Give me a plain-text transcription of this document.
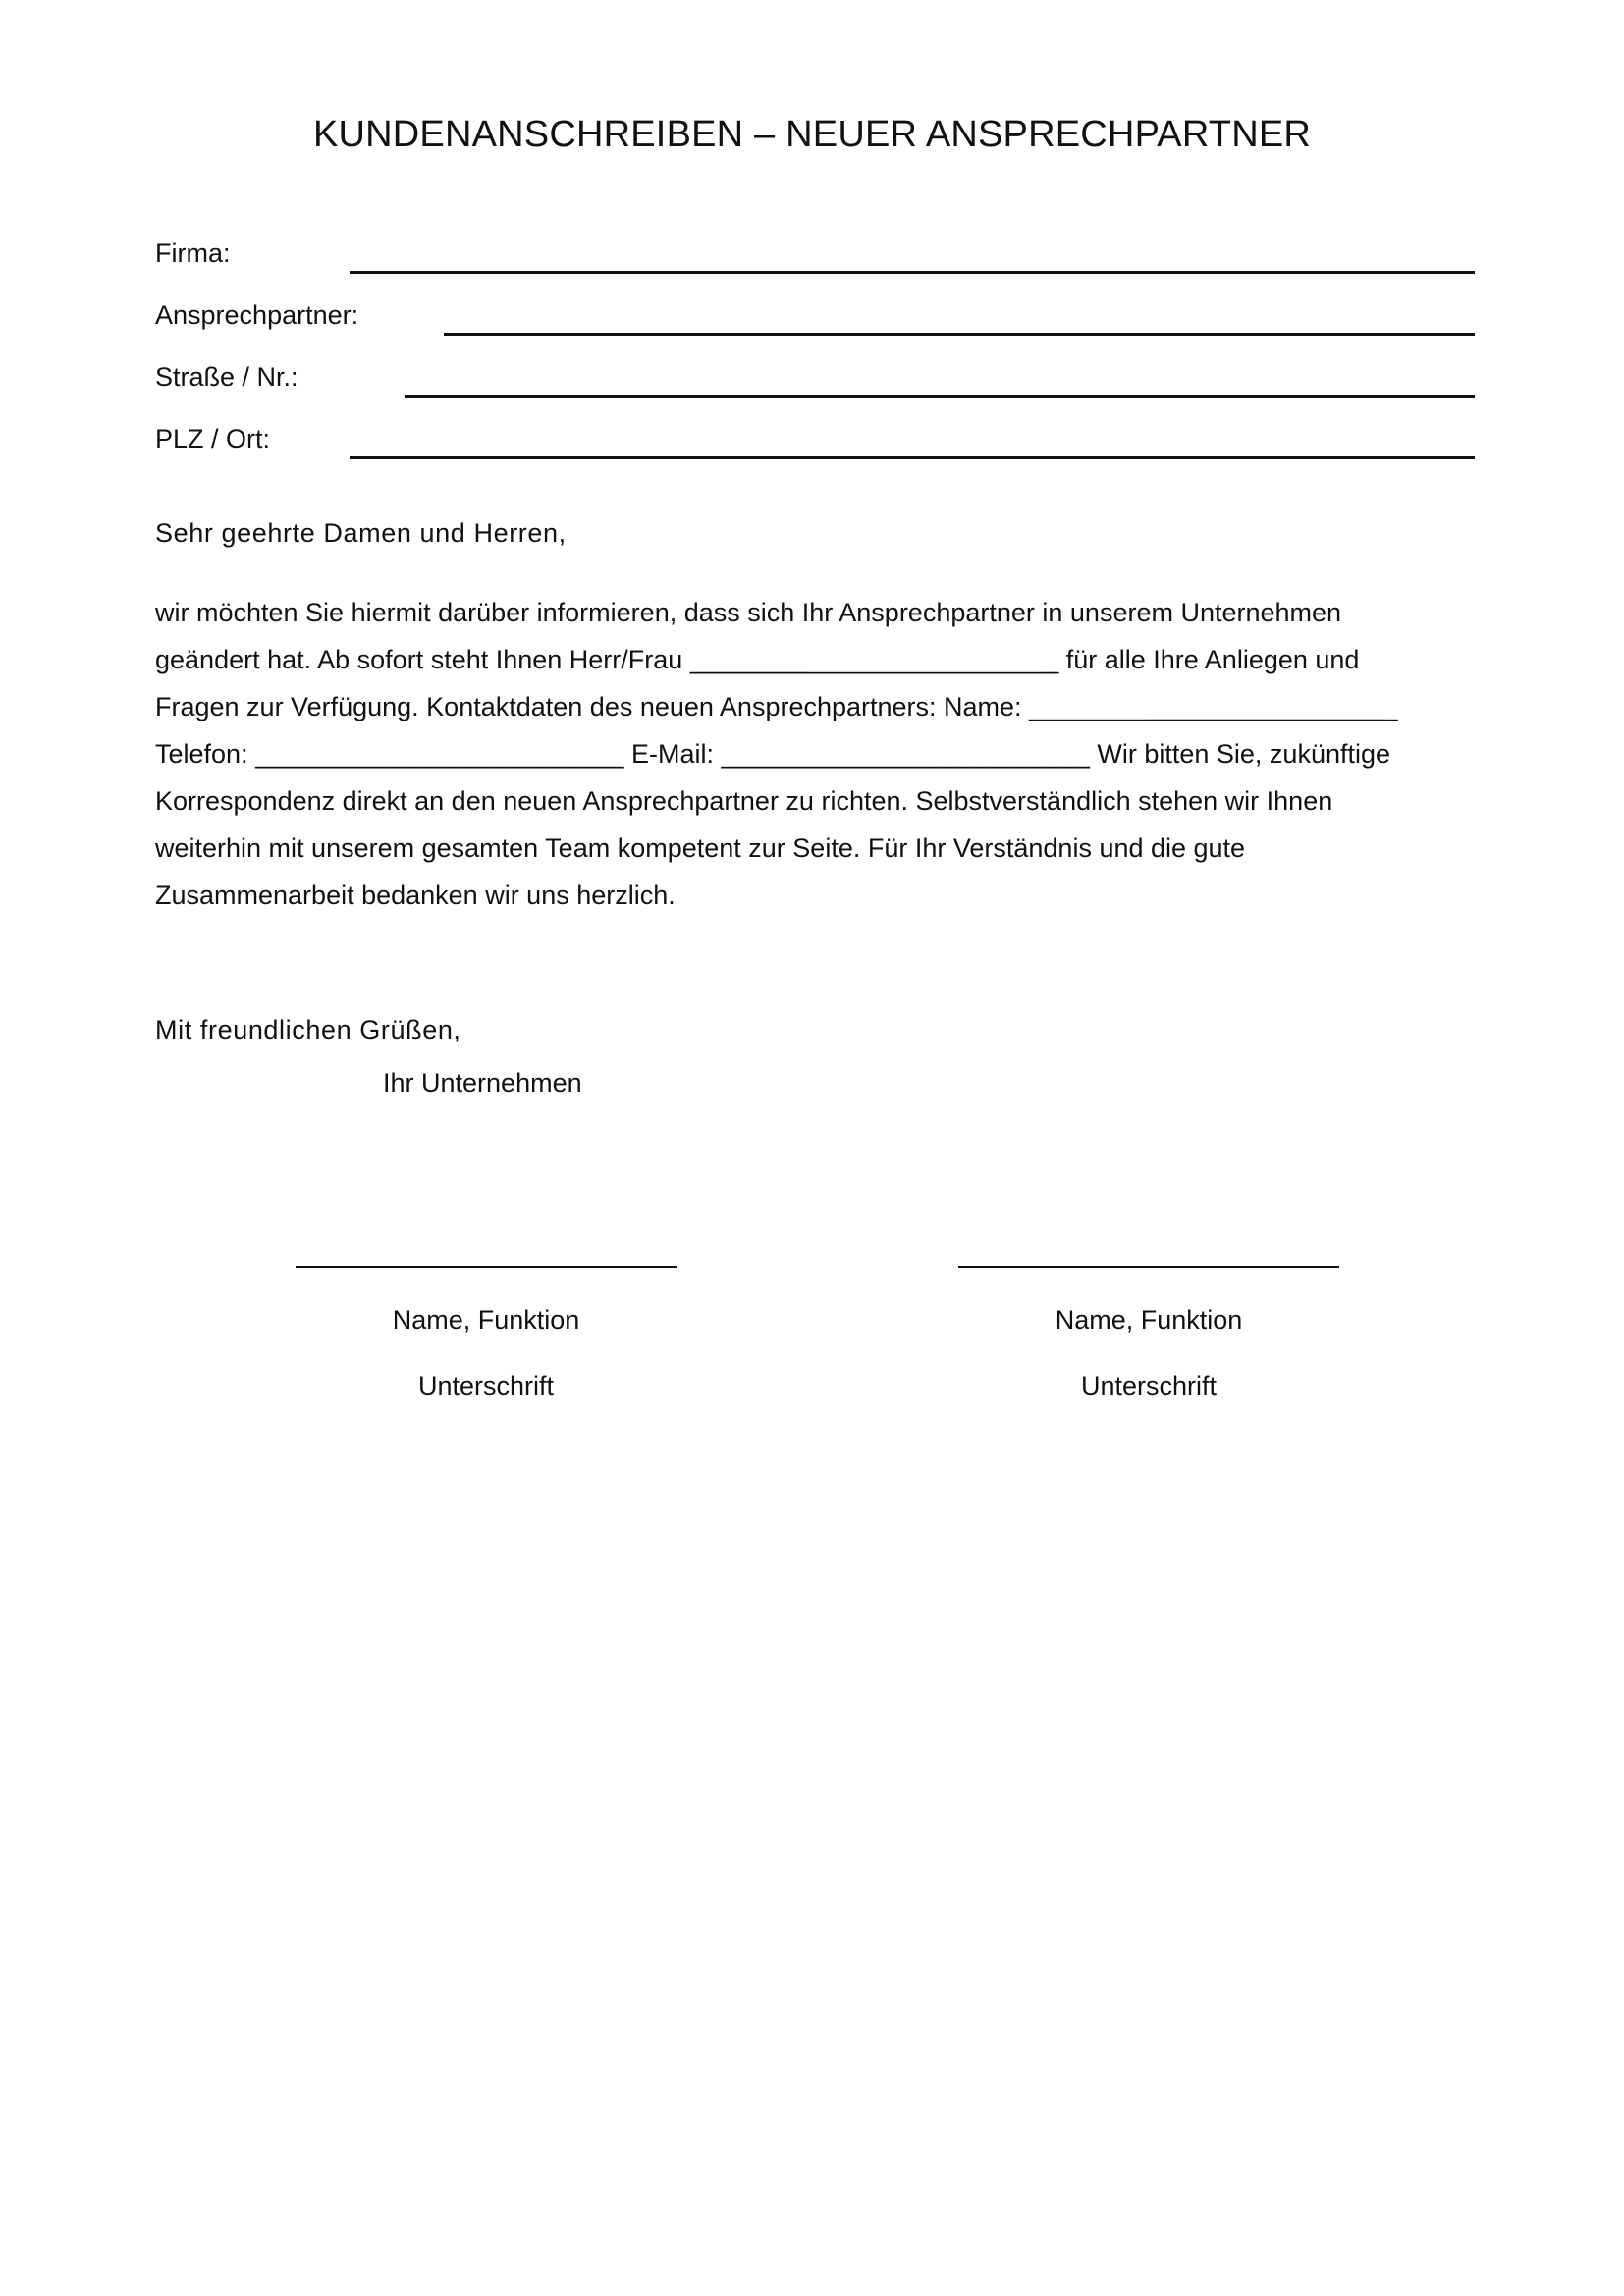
KUNDENANSCHREIBEN – NEUER ANSPRECHPARTNER
Firma:
Ansprechpartner:
Straße / Nr.:
PLZ / Ort:
Sehr geehrte Damen und Herren,
wir möchten Sie hiermit darüber informieren, dass sich Ihr Ansprechpartner in unserem Unternehmen
geändert hat. Ab sofort steht Ihnen Herr/Frau _________________________ für alle Ihre Anliegen und
Fragen zur Verfügung. Kontaktdaten des neuen Ansprechpartners: Name: _________________________
Telefon: _________________________ E-Mail: _________________________ Wir bitten Sie, zukünftige
Korrespondenz direkt an den neuen Ansprechpartner zu richten. Selbstverständlich stehen wir Ihnen
weiterhin mit unserem gesamten Team kompetent zur Seite. Für Ihr Verständnis und die gute
Zusammenarbeit bedanken wir uns herzlich.
Mit freundlichen Grüßen,
Ihr Unternehmen
Name, Funktion
Unterschrift
Name, Funktion
Unterschrift
